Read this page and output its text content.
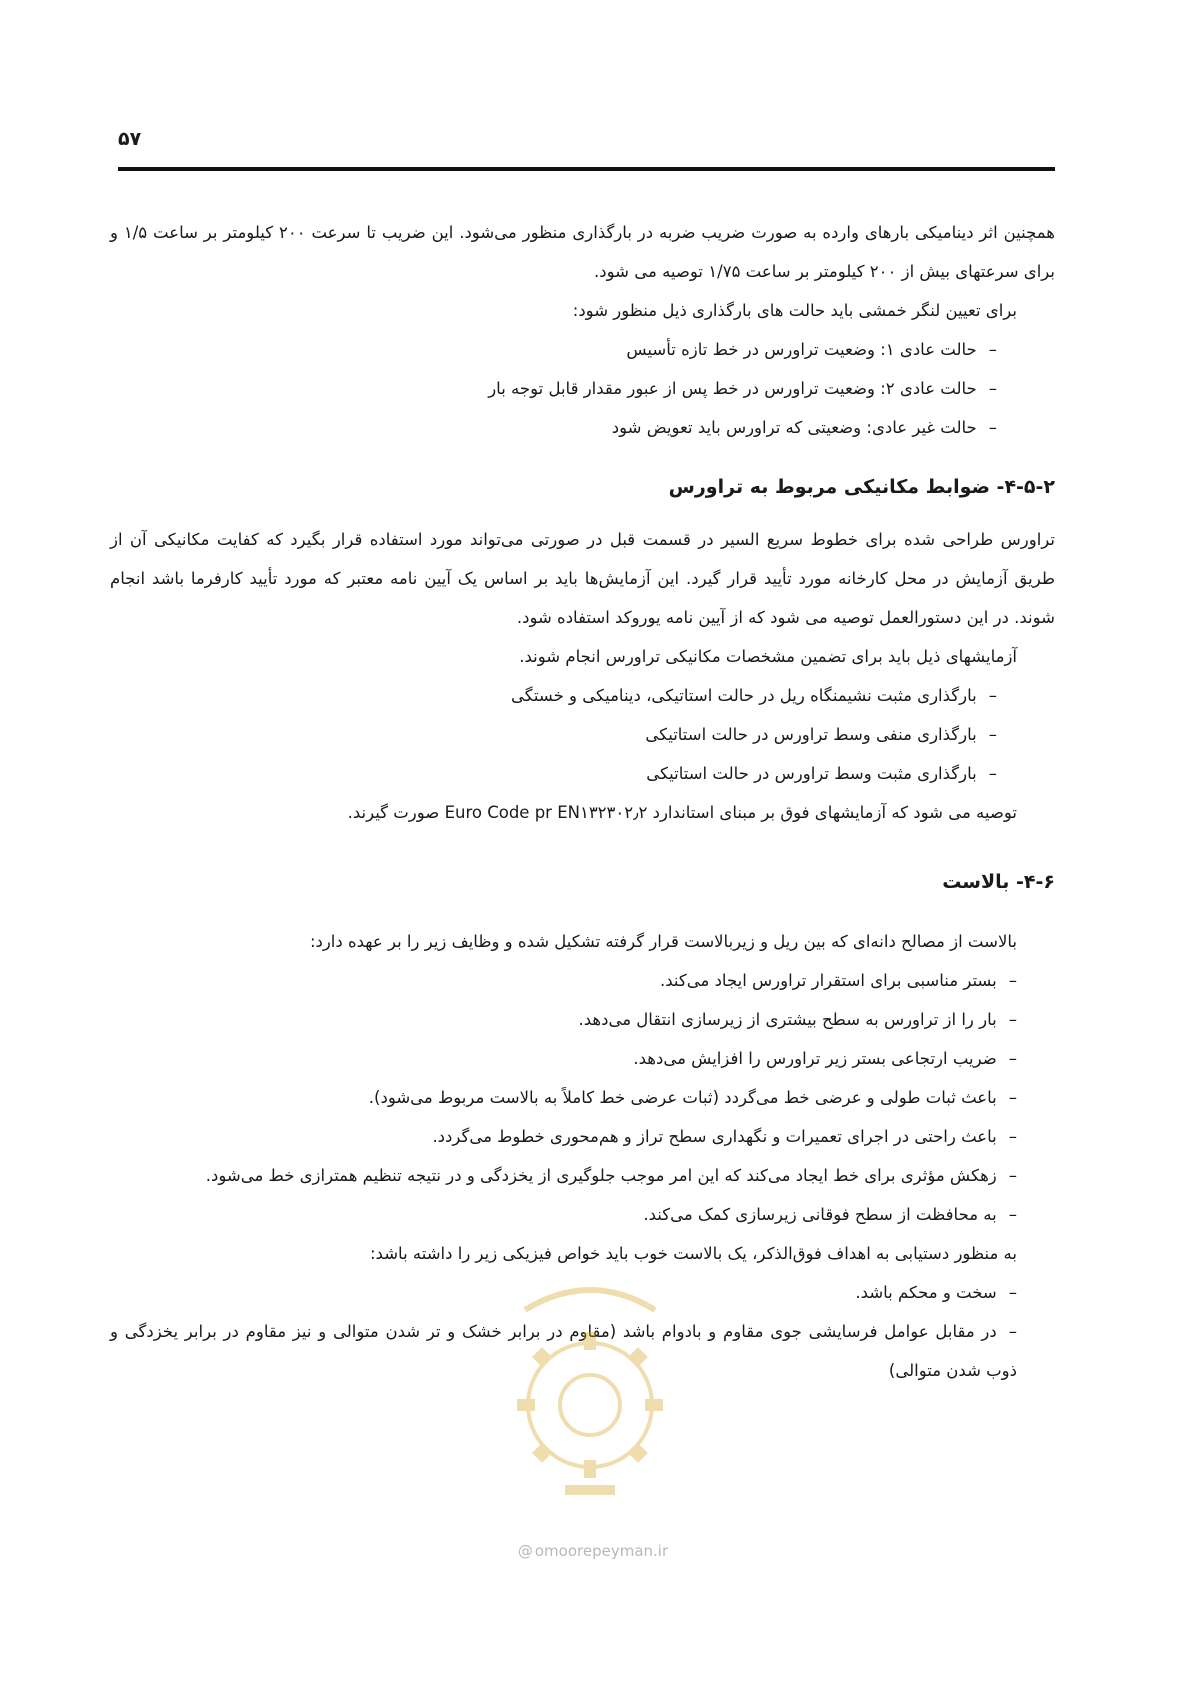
۵۷

همچنین اثر دینامیکی بارهای وارده به صورت ضریب ضربه در بارگذاری منظور می‌شود. این ضریب تا سرعت ۲۰۰ کیلومتر بر ساعت ۱/۵ و برای سرعتهای بیش از ۲۰۰ کیلومتر بر ساعت ۱/۷۵ توصیه می شود.

برای تعیین لنگر خمشی باید حالت های بارگذاری ذیل منظور شود:

–حالت عادی ۱: وضعیت تراورس در خط تازه تأسیس

–حالت عادی ۲: وضعیت تراورس در خط پس از عبور مقدار قابل توجه بار

–حالت غیر عادی: وضعیتی که تراورس باید تعویض شود

۴-۵-۲- ضوابط مکانیکی مربوط به تراورس

تراورس طراحی شده برای خطوط سریع السیر در قسمت قبل در صورتی می‌تواند مورد استفاده قرار بگیرد که کفایت مکانیکی آن از طریق آزمایش در محل کارخانه مورد تأیید قرار گیرد. این آزمایش‌ها باید بر اساس یک آیین نامه معتبر که مورد تأیید کارفرما باشد انجام شوند. در این دستورالعمل توصیه می شود که از آیین نامه یوروکد استفاده شود.

آزمایشهای ذیل باید برای تضمین مشخصات مکانیکی تراورس انجام شوند.

–بارگذاری مثبت نشیمنگاه ریل در حالت استاتیکی، دینامیکی و خستگی

–بارگذاری منفی وسط تراورس در حالت استاتیکی

–بارگذاری مثبت وسط تراورس در حالت استاتیکی

توصیه می شود که آزمایشهای فوق بر مبنای استاندارد Euro Code pr EN۱۳۲۳۰۲٫۲ صورت گیرند.

۴-۶- بالاست

بالاست از مصالح دانه‌ای که بین ریل و زیربالاست قرار گرفته تشکیل شده و وظایف زیر را بر عهده دارد:

–بستر مناسبی برای استقرار تراورس ایجاد می‌کند.

–بار را از تراورس به سطح بیشتری از زیرسازی انتقال می‌دهد.

–ضریب ارتجاعی بستر زیر تراورس را افزایش می‌دهد.

–باعث ثبات طولی و عرضی خط می‌گردد (ثبات عرضی خط کاملاً به بالاست مربوط می‌شود).

–باعث راحتی در اجرای تعمیرات و نگهداری سطح تراز و هم‌محوری خطوط می‌گردد.

–زهکش مؤثری برای خط ایجاد می‌کند که این امر موجب جلوگیری از یخزدگی و در نتیجه تنظیم همترازی خط می‌شود.

–به محافظت از سطح فوقانی زیرسازی کمک می‌کند.

به منظور دستیابی به اهداف فوق‌الذکر، یک بالاست خوب باید خواص فیزیکی زیر را داشته باشد:

–سخت و محکم باشد.

–در مقابل عوامل فرسایشی جوی مقاوم و بادوام باشد (مقاوم در برابر خشک و تر شدن متوالی و نیز مقاوم در برابر یخزدگی و ذوب شدن متوالی)

@ omoorepeyman.ir
